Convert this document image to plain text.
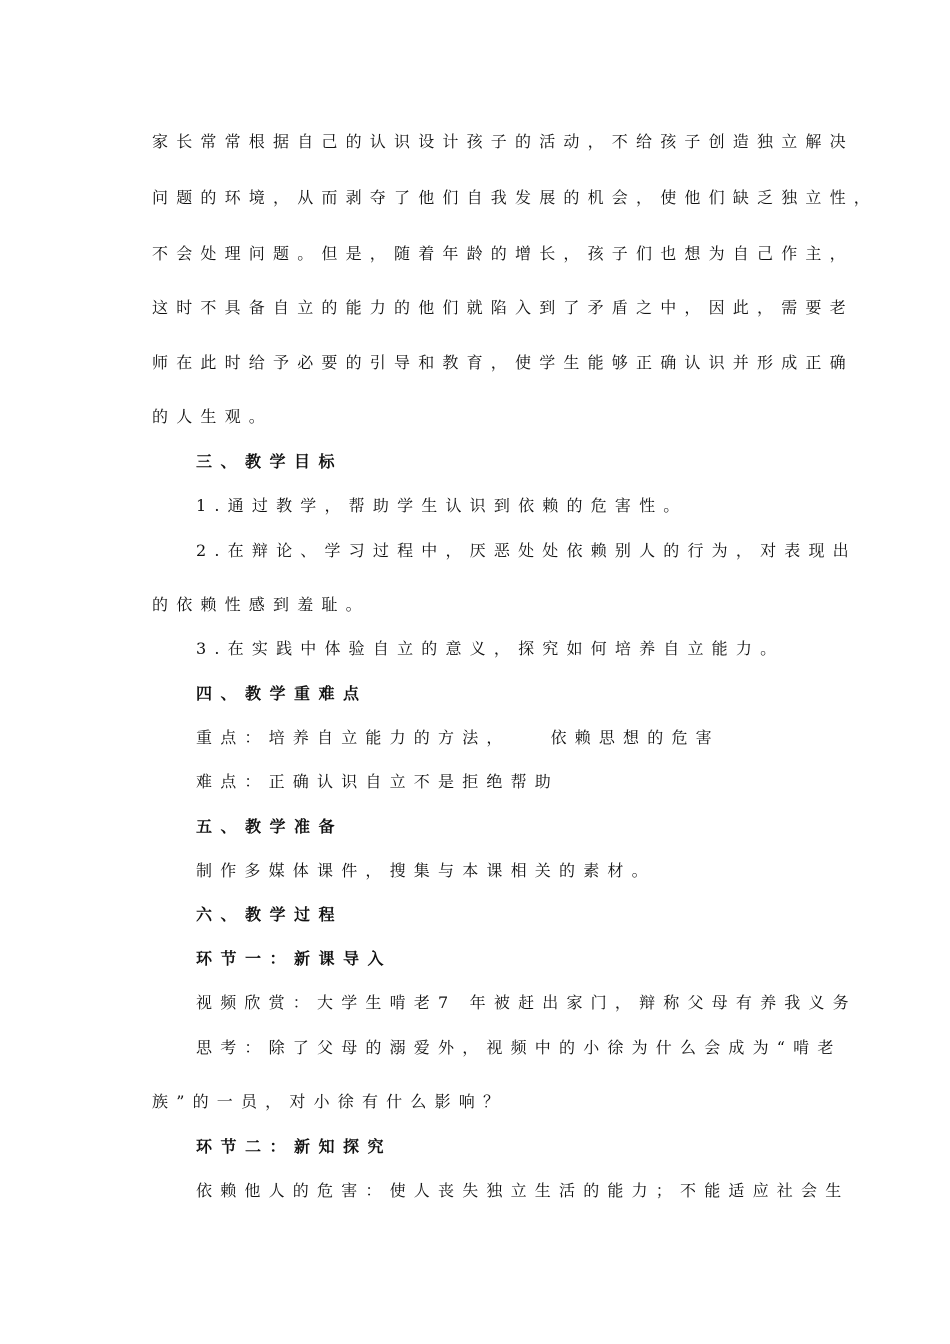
家长常常根据自己的认识设计孩子的活动，不给孩子创造独立解决
问题的环境，从而剥夺了他们自我发展的机会，使他们缺乏独立性，
不会处理问题。但是，随着年龄的增长，孩子们也想为自己作主，
这时不具备自立的能力的他们就陷入到了矛盾之中，因此，需要老
师在此时给予必要的引导和教育，使学生能够正确认识并形成正确
的人生观。
三、教学目标
1.通过教学，帮助学生认识到依赖的危害性。
2.在辩论、学习过程中，厌恶处处依赖别人的行为，对表现出
的依赖性感到羞耻。
3.在实践中体验自立的意义，探究如何培养自立能力。
四、教学重难点
重点：培养自立能力的方法，   依赖思想的危害
难点：正确认识自立不是拒绝帮助
五、教学准备
制作多媒体课件，搜集与本课相关的素材。
六、教学过程
环节一：新课导入
视频欣赏：大学生啃老7 年被赶出家门，辩称父母有养我义务
思考：除了父母的溺爱外，视频中的小徐为什么会成为“啃老
族”的一员，对小徐有什么影响？
环节二：新知探究
依赖他人的危害：使人丧失独立生活的能力；不能适应社会生
